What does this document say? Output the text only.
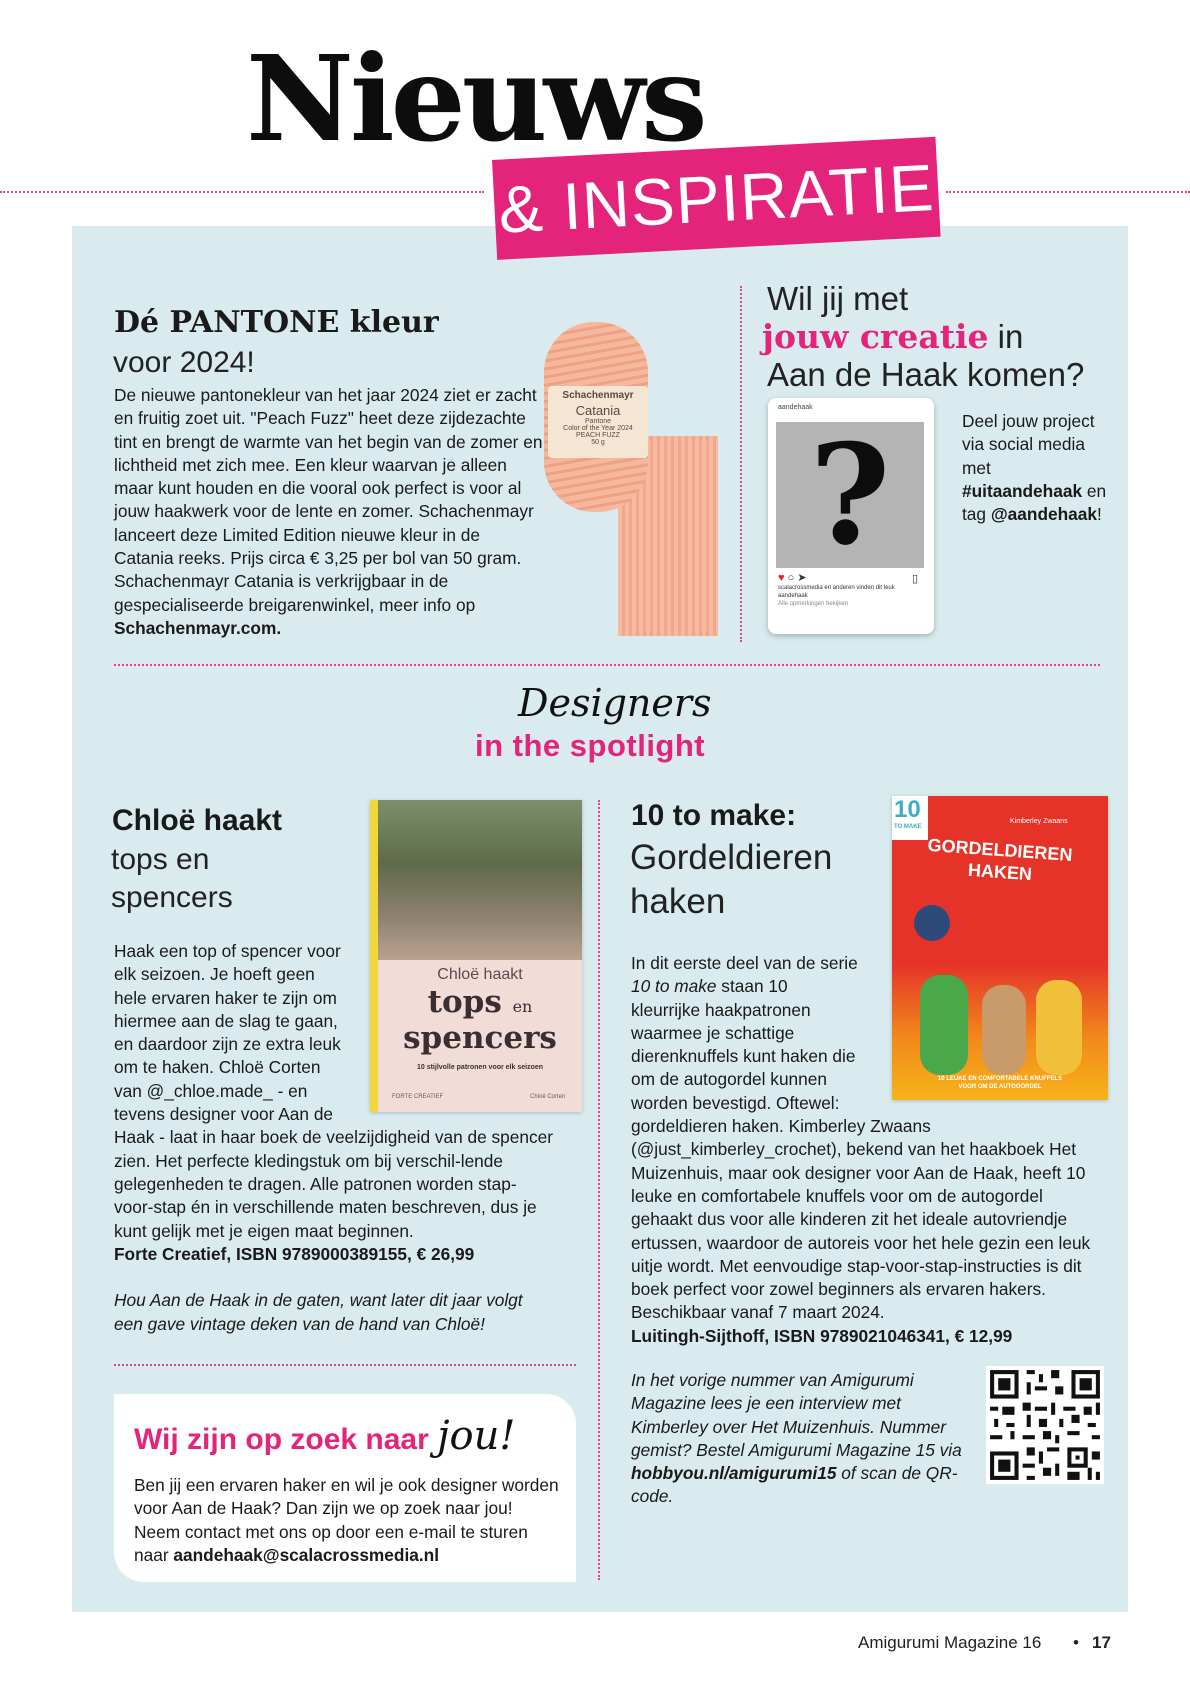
Nieuws
& INSPIRATIE
Dé PANTONE kleur
voor 2024!
De nieuwe pantonekleur van het jaar 2024 ziet er zacht en fruitig zoet uit. "Peach Fuzz" heet deze zijdezachte tint en brengt de warmte van het begin van de zomer en lichtheid met zich mee. Een kleur waarvan je alleen maar kunt houden en die vooral ook perfect is voor al jouw haakwerk voor de lente en zomer. Schachenmayr lanceert deze Limited Edition nieuwe kleur in de Catania reeks. Prijs circa € 3,25 per bol van 50 gram. Schachenmayr Catania is verkrijgbaar in de gespecialiseerde breigarenwinkel, meer info op Schachenmayr.com.
Schachenmayr
Catania
Pantone
Color of the Year 2024
PEACH FUZZ
50 g
Wil jij met
jouw creatie in
Aan de Haak komen?
aandehaak
?
♥ ○ ➤	▯
scalacrossmedia en anderen vinden dit leuk
aandehaak
Alle opmerkingen bekijken
Deel jouw project via social media met #uitaandehaak en tag @aandehaak!
Designers
in the spotlight
Chloë haakt
tops en
spencers
Chloë haakt
tops en
spencers
10 stijlvolle patronen voor elk seizoen
FORTE CREATIEF	Chloë Corten
Haak een top of spencer voor elk seizoen. Je hoeft geen hele ervaren haker te zijn om hiermee aan de slag te gaan, en daardoor zijn ze extra leuk om te haken. Chloë Corten van @_chloe.made_ - en tevens designer voor Aan de Haak - laat in haar boek de veelzijdigheid van de spencer zien. Het perfecte kledingstuk om bij verschil-lende gelegenheden te dragen. Alle patronen worden stap-voor-stap én in verschillende maten beschreven, dus je kunt gelijk met je eigen maat beginnen.
Forte Creatief, ISBN 9789000389155, € 26,99

Hou Aan de Haak in de gaten, want later dit jaar volgt een gave vintage deken van de hand van Chloë!
Wij zijn op zoek naar jou!
Ben jij een ervaren haker en wil je ook designer worden voor Aan de Haak? Dan zijn we op zoek naar jou! Neem contact met ons op door een e-mail te sturen naar aandehaak@scalacrossmedia.nl
10 to make:
Gordeldieren
haken
10
TO MAKE
Kimberley Zwaans
GORDELDIEREN
HAKEN
10 LEUKE EN COMFORTABELE KNUFFELS
VOOR OM DE AUTOGORDEL
In dit eerste deel van de serie 10 to make staan 10 kleurrijke haakpatronen waarmee je schattige dierenknuffels kunt haken die om de autogordel kunnen worden bevestigd. Oftewel: gordeldieren haken. Kimberley Zwaans (@just_kimberley_crochet), bekend van het haakboek Het Muizenhuis, maar ook designer voor Aan de Haak, heeft 10 leuke en comfortabele knuffels voor om de autogordel gehaakt dus voor alle kinderen zit het ideale autovriendje ertussen, waardoor de autoreis voor het hele gezin een leuk uitje wordt. Met eenvoudige stap-voor-stap-instructies is dit boek perfect voor zowel beginners als ervaren hakers. Beschikbaar vanaf 7 maart 2024.
Luitingh-Sijthoff, ISBN 9789021046341, € 12,99
In het vorige nummer van Amigurumi Magazine lees je een interview met Kimberley over Het Muizenhuis. Nummer gemist? Bestel Amigurumi Magazine 15 via hobbyou.nl/amigurumi15 of scan de QR-code.
Amigurumi Magazine 16 • 17
